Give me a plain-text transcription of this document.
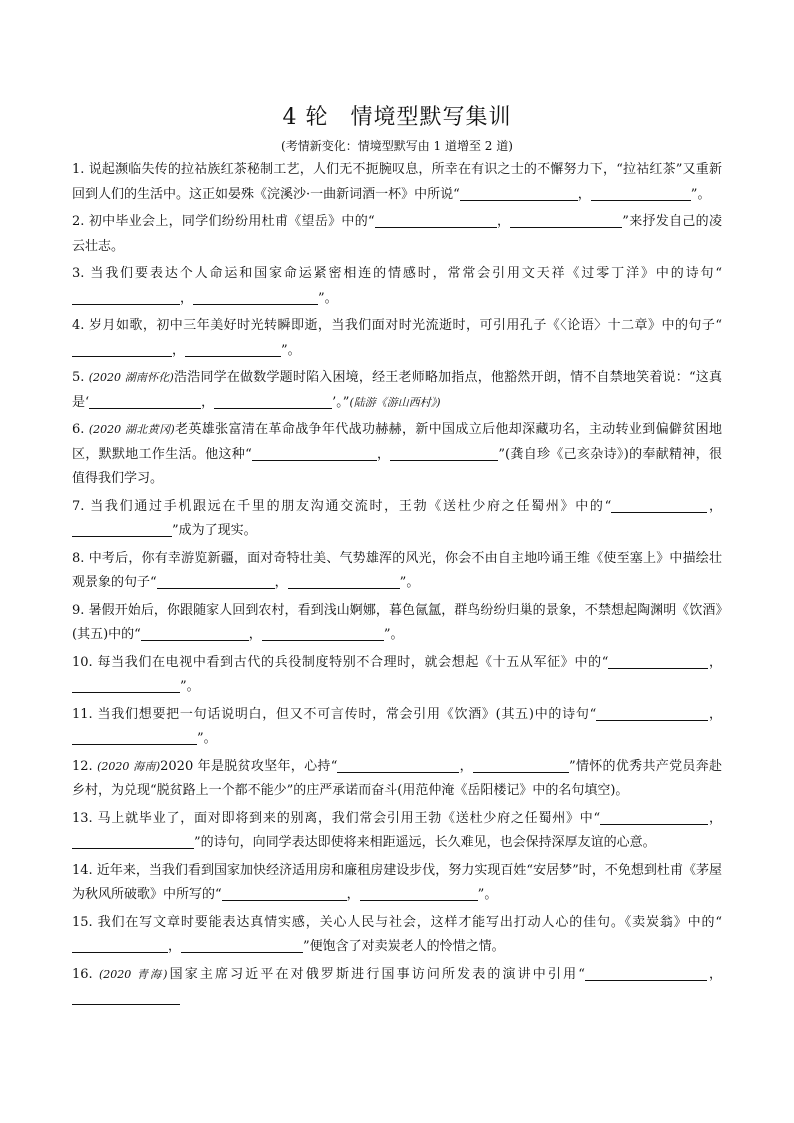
4 轮 情境型默写集训
(考情新变化：情境型默写由 1 道增至 2 道)

1. 说起濒临失传的拉祜族红茶秘制工艺，人们无不扼腕叹息，所幸在有识之士的不懈努力下，“拉祜红茶”又重新回到人们的生活中。这正如晏殊《浣溪沙·一曲新词酒一杯》中所说“	，	”。

2. 初中毕业会上，同学们纷纷用杜甫《望岳》中的“	，	”来抒发自己的凌云壮志。

3. 当我们要表达个人命运和国家命运紧密相连的情感时，常常会引用文天祥《过零丁洋》中的诗句“，	”。

4. 岁月如歌，初中三年美好时光转瞬即逝，当我们面对时光流逝时，可引用孔子《〈论语〉十二章》中的句子“，	”。

5. (2020 湖南怀化)浩浩同学在做数学题时陷入困境，经王老师略加指点，他豁然开朗，情不自禁地笑着说：“这真是‘	，	’。”(陆游《游山西村》)

6. (2020 湖北黄冈)老英雄张富清在革命战争年代战功赫赫，新中国成立后他却深藏功名，主动转业到偏僻贫困地区，默默地工作生活。他这种“	，	”(龚自珍《己亥杂诗》)的奉献精神，很值得我们学习。

7. 当我们通过手机跟远在千里的朋友沟通交流时，王勃《送杜少府之任蜀州》中的“	，”成为了现实。

8. 中考后，你有幸游览新疆，面对奇特壮美、气势雄浑的风光，你会不由自主地吟诵王维《使至塞上》中描绘壮观景象的句子“	，	”。

9. 暑假开始后，你跟随家人回到农村，看到浅山婀娜，暮色氤氲，群鸟纷纷归巢的景象，不禁想起陶渊明《饮酒》(其五)中的“	，	”。

10. 每当我们在电视中看到古代的兵役制度特别不合理时，就会想起《十五从军征》中的“	，”。

11. 当我们想要把一句话说明白，但又不可言传时，常会引用《饮酒》(其五)中的诗句“	，”。

12. (2020 海南)2020 年是脱贫攻坚年，心持“	，	”情怀的优秀共产党员奔赴乡村，为兑现“脱贫路上一个都不能少”的庄严承诺而奋斗(用范仲淹《岳阳楼记》中的名句填空)。

13. 马上就毕业了，面对即将到来的别离，我们常会引用王勃《送杜少府之任蜀州》中“	，”的诗句，向同学表达即使将来相距遥远，长久难见，也会保持深厚友谊的心意。

14. 近年来，当我们看到国家加快经济适用房和廉租房建设步伐，努力实现百姓“安居梦”时，不免想到杜甫《茅屋为秋风所破歌》中所写的“	，	”。

15. 我们在写文章时要能表达真情实感，关心人民与社会，这样才能写出打动人心的佳句。《卖炭翁》中的“，	”便饱含了对卖炭老人的怜惜之情。

16. (2020 青海)国家主席习近平在对俄罗斯进行国事访问所发表的演讲中引用“	，
